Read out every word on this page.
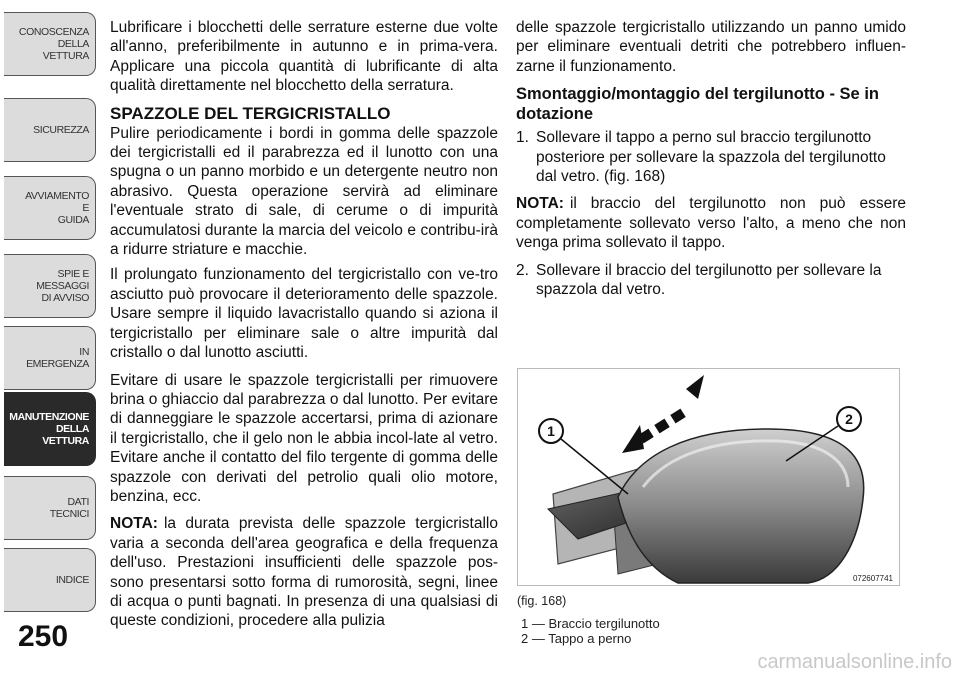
CONOSCENZA
DELLA
VETTURA
SICUREZZA
AVVIAMENTO
E
GUIDA
SPIE E
MESSAGGI
DI AVVISO
IN
EMERGENZA
MANUTENZIONE
DELLA
VETTURA
DATI
TECNICI
INDICE
250

Lubrificare i blocchetti delle serrature esterne due volte all'anno, preferibilmente in autunno e in prima-vera. Applicare una piccola quantità di lubrificante di alta qualità direttamente nel blocchetto della serratura.

SPAZZOLE DEL TERGICRISTALLO

Pulire periodicamente i bordi in gomma delle spazzole dei tergicristalli ed il parabrezza ed il lunotto con una spugna o un panno morbido e un detergente neutro non abrasivo. Questa operazione servirà ad eliminare l'eventuale strato di sale, di cerume o di impurità accumulatosi durante la marcia del veicolo e contribu-irà a ridurre striature e macchie.

Il prolungato funzionamento del tergicristallo con ve-tro asciutto può provocare il deterioramento delle spazzole. Usare sempre il liquido lavacristallo quando si aziona il tergicristallo per eliminare sale o altre impurità dal cristallo o dal lunotto asciutti.

Evitare di usare le spazzole tergicristalli per rimuovere brina o ghiaccio dal parabrezza o dal lunotto. Per evitare di danneggiare le spazzole accertarsi, prima di azionare il tergicristallo, che il gelo non le abbia incol-late al vetro. Evitare anche il contatto del filo tergente di gomma delle spazzole con derivati del petrolio quali olio motore, benzina, ecc.

NOTA: la durata prevista delle spazzole tergicristallo varia a seconda dell'area geografica e della frequenza dell'uso. Prestazioni insufficienti delle spazzole pos-sono presentarsi sotto forma di rumorosità, segni, linee di acqua o punti bagnati. In presenza di una qualsiasi di queste condizioni, procedere alla pulizia

delle spazzole tergicristallo utilizzando un panno umido per eliminare eventuali detriti che potrebbero influen-zarne il funzionamento.

Smontaggio/montaggio del tergilunotto - Se in dotazione
1. Sollevare il tappo a perno sul braccio tergilunotto posteriore per sollevare la spazzola del tergilunotto dal vetro. (fig. 168)

NOTA: il braccio del tergilunotto non può essere completamente sollevato verso l'alto, a meno che non venga prima sollevato il tappo.

2. Sollevare il braccio del tergilunotto per sollevare la spazzola dal vetro.
1
2
072607741
(fig. 168)
1 — Braccio tergilunotto
2 — Tappo a perno
carmanualsonline.info
